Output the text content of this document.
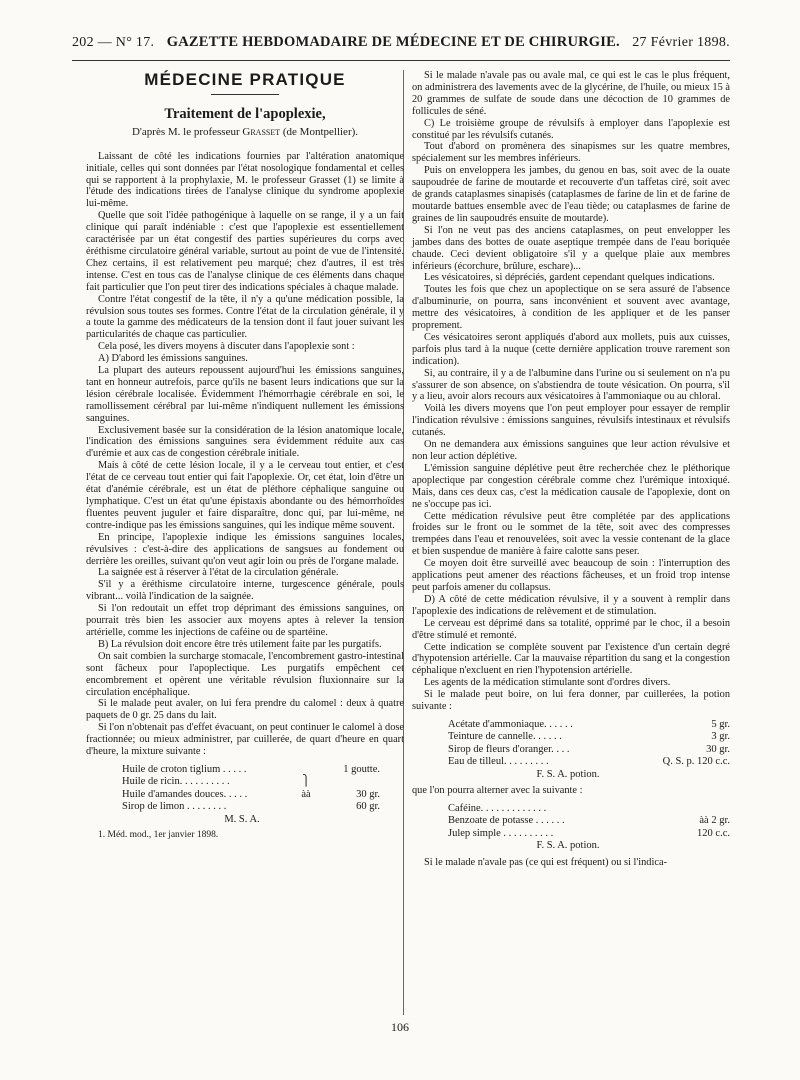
202 — N° 17. GAZETTE HEBDOMADAIRE DE MÉDECINE ET DE CHIRURGIE. 27 Février 1898.
MÉDECINE PRATIQUE
Traitement de l'apoplexie,
D'après M. le professeur Grasset (de Montpellier).

Laissant de côté les indications fournies par l'altération anatomique initiale, celles qui sont données par l'état nosologique fondamental et celles qui se rapportent à la prophylaxie, M. le professeur Grasset (1) se limite à l'étude des indications tirées de l'analyse clinique du syndrome apoplexie lui-même.

Quelle que soit l'idée pathogénique à laquelle on se range, il y a un fait clinique qui paraît indéniable : c'est que l'apoplexie est essentiellement caractérisée par un état congestif des parties supérieures du corps avec éréthisme circulatoire général variable, surtout au point de vue de l'intensité. Chez certains, il est relativement peu marqué; chez d'autres, il est très intense. C'est en tous cas de l'analyse clinique de ces éléments dans chaque fait particulier que l'on peut tirer des indications spéciales à chaque malade.

Contre l'état congestif de la tête, il n'y a qu'une médication possible, la révulsion sous toutes ses formes. Contre l'état de la circulation générale, il y a toute la gamme des médicateurs de la tension dont il faut jouer suivant les particularités de chaque cas particulier.

Cela posé, les divers moyens à discuter dans l'apoplexie sont :

A) D'abord les émissions sanguines.

La plupart des auteurs repoussent aujourd'hui les émissions sanguines, tant en honneur autrefois, parce qu'ils ne basent leurs indications que sur la lésion cérébrale localisée. Évidemment l'hémorrhagie cérébrale en soi, le ramollissement cérébral par lui-même n'indiquent nullement les émissions sanguines.

Exclusivement basée sur la considération de la lésion anatomique locale, l'indication des émissions sanguines sera évidemment réduite aux cas d'urémie et aux cas de congestion cérébrale initiale.

Mais à côté de cette lésion locale, il y a le cerveau tout entier, et c'est l'état de ce cerveau tout entier qui fait l'apoplexie. Or, cet état, loin d'être un état d'anémie cérébrale, est un état de pléthore céphalique sanguine ou lymphatique. C'est un état qu'une épistaxis abondante ou des hémorrhoïdes fluentes peuvent juguler et faire disparaître, donc qui, par lui-même, ne contre-indique pas les émissions sanguines, qui les indique même souvent.

En principe, l'apoplexie indique les émissions sanguines locales, révulsives : c'est-à-dire des applications de sangsues au fondement ou derrière les oreilles, suivant qu'on veut agir loin ou près de l'organe malade.

La saignée est à réserver à l'état de la circulation générale.

S'il y a éréthisme circulatoire interne, turgescence générale, pouls vibrant... voilà l'indication de la saignée.

Si l'on redoutait un effet trop déprimant des émissions sanguines, on pourrait très bien les associer aux moyens aptes à relever la tension artérielle, comme les injections de caféine ou de spartéine.

B) La révulsion doit encore être très utilement faite par les purgatifs.

On sait combien la surcharge stomacale, l'encombrement gastro-intestinal sont fâcheux pour l'apoplectique. Les purgatifs empêchent cet encombrement et opèrent une véritable révulsion fluxionnaire sur la circulation encéphalique.

Si le malade peut avaler, on lui fera prendre du calomel : deux à quatre paquets de 0 gr. 25 dans du lait.

Si l'on n'obtenait pas d'effet évacuant, on peut continuer le calomel à dose fractionnée; ou mieux administrer, par cuillerée, de quart d'heure en quart d'heure, la mixture suivante :

Huile de croton tiglium . . . . .	1 goutte.
Huile de ricin. . . . . . . . . .	⎫
Huile d'amandes douces. . . . .	àà	30 gr.
Sirop de limon . . . . . . . .	60 gr.
M. S. A.

1. Méd. mod., 1er janvier 1898.

Si le malade n'avale pas ou avale mal, ce qui est le cas le plus fréquent, on administrera des lavements avec de la glycérine, de l'huile, ou mieux 15 à 20 grammes de sulfate de soude dans une décoction de 10 grammes de follicules de séné.

C) Le troisième groupe de révulsifs à employer dans l'apoplexie est constitué par les révulsifs cutanés.

Tout d'abord on promènera des sinapismes sur les quatre membres, spécialement sur les membres inférieurs.

Puis on enveloppera les jambes, du genou en bas, soit avec de la ouate saupoudrée de farine de moutarde et recouverte d'un taffetas ciré, soit avec de grands cataplasmes sinapisés (cataplasmes de farine de lin et de farine de moutarde battues ensemble avec de l'eau tiède; ou cataplasmes de farine de graines de lin saupoudrés ensuite de moutarde).

Si l'on ne veut pas des anciens cataplasmes, on peut envelopper les jambes dans des bottes de ouate aseptique trempée dans de l'eau boriquée chaude. Ceci devient obligatoire s'il y a quelque plaie aux membres inférieurs (écorchure, brûlure, eschare)...

Les vésicatoires, si dépréciés, gardent cependant quelques indications.

Toutes les fois que chez un apoplectique on se sera assuré de l'absence d'albuminurie, on pourra, sans inconvénient et souvent avec avantage, mettre des vésicatoires, à condition de les appliquer et de les panser proprement.

Ces vésicatoires seront appliqués d'abord aux mollets, puis aux cuisses, parfois plus tard à la nuque (cette dernière application trouve rarement son indication).

Si, au contraire, il y a de l'albumine dans l'urine ou si seulement on n'a pu s'assurer de son absence, on s'abstiendra de toute vésication. On pourra, s'il y a lieu, avoir alors recours aux vésicatoires à l'ammoniaque ou au chloral.

Voilà les divers moyens que l'on peut employer pour essayer de remplir l'indication révulsive : émissions sanguines, révulsifs intestinaux et révulsifs cutanés.

On ne demandera aux émissions sanguines que leur action révulsive et non leur action déplétive.

L'émission sanguine déplétive peut être recherchée chez le pléthorique apoplectique par congestion cérébrale comme chez l'urémique intoxiqué. Mais, dans ces deux cas, c'est la médication causale de l'apoplexie, dont on ne s'occupe pas ici.

Cette médication révulsive peut être complétée par des applications froides sur le front ou le sommet de la tête, soit avec des compresses trempées dans l'eau et renouvelées, soit avec la vessie contenant de la glace et bien suspendue de manière à faire calotte sans peser.

Ce moyen doit être surveillé avec beaucoup de soin : l'interruption des applications peut amener des réactions fâcheuses, et un froid trop intense peut parfois amener du collapsus.

D) A côté de cette médication révulsive, il y a souvent à remplir dans l'apoplexie des indications de relèvement et de stimulation.

Le cerveau est déprimé dans sa totalité, opprimé par le choc, il a besoin d'être stimulé et remonté.

Cette indication se complète souvent par l'existence d'un certain degré d'hypotension artérielle. Car la mauvaise répartition du sang et la congestion céphalique n'excluent en rien l'hypotension artérielle.

Les agents de la médication stimulante sont d'ordres divers.

Si le malade peut boire, on lui fera donner, par cuillerées, la potion suivante :

Acétate d'ammoniaque. . . . . .	5 gr.
Teinture de cannelle. . . . . .	3 gr.
Sirop de fleurs d'oranger. . . .	30 gr.
Eau de tilleul. . . . . . . . .	Q. S. p. 120 c.c.
F. S. A. potion.

que l'on pourra alterner avec la suivante :

Caféine. . . . . . . . . . . . .
Benzoate de potasse . . . . . .	àà 2 gr.
Julep simple . . . . . . . . . .	120 c.c.
F. S. A. potion.

Si le malade n'avale pas (ce qui est fréquent) ou si l'indica-

106
